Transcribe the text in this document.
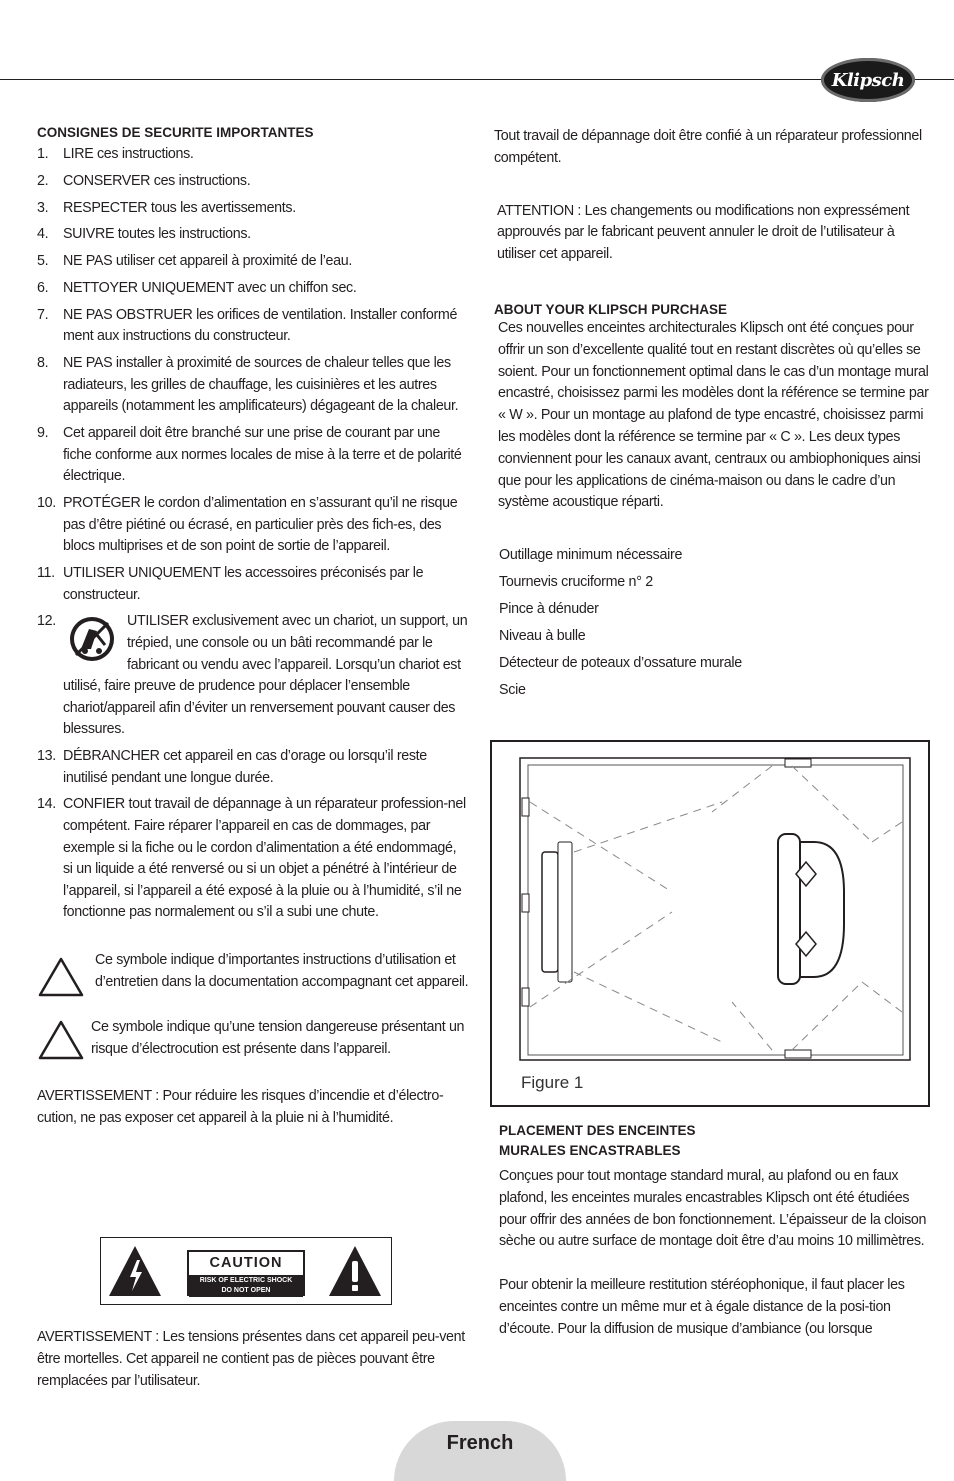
Klipsch
CONSIGNES DE SECURITE IMPORTANTES
1. LIRE ces instructions.
2. CONSERVER ces instructions.
3. RESPECTER tous les avertissements.
4. SUIVRE toutes les instructions.
5. NE PAS utiliser cet appareil à proximité de l’eau.
6. NETTOYER UNIQUEMENT avec un chiffon sec.
7. NE PAS OBSTRUER les orifices de ventilation. Installer conformé ment aux instructions du constructeur.
8. NE PAS installer à proximité de sources de chaleur telles que les radiateurs, les grilles de chauffage, les cuisinières et les autres appareils (notamment les amplificateurs) dégageant de la chaleur.
9. Cet appareil doit être branché sur une prise de courant par une fiche conforme aux normes locales de mise à la terre et de polarité électrique.
10. PROTÉGER le cordon d’alimentation en s’assurant qu’il ne risque pas d’être piétiné ou écrasé, en particulier près des fich-es, des blocs multiprises et de son point de sortie de l’appareil.
11. UTILISER UNIQUEMENT les accessoires préconisés par le constructeur.
12.	UTILISER exclusivement avec un chariot, un support, un trépied, une console ou un bâti recommandé par le fabricant ou vendu avec l’appareil. Lorsqu’un chariot est utilisé, faire preuve de prudence pour déplacer l’ensemble chariot/appareil afin d’éviter un renversement pouvant causer des blessures.
13. DÉBRANCHER cet appareil en cas d’orage ou lorsqu’il reste inutilisé pendant une longue durée.
14. CONFIER tout travail de dépannage à un réparateur profession-nel compétent. Faire réparer l’appareil en cas de dommages, par exemple si la fiche ou le cordon d’alimentation a été endommagé, si un liquide a été renversé ou si un objet a pénétré à l’intérieur de l’appareil, si l’appareil a été exposé à la pluie ou à l’humidité, s’il ne fonctionne pas normalement ou s’il a subi une chute.
Ce symbole indique d’importantes instructions d’utilisation et d’entretien dans la documentation accompagnant cet appareil.
Ce symbole indique qu’une tension dangereuse présentant un risque d’électrocution est présente dans l’appareil.

AVERTISSEMENT : Pour réduire les risques d’incendie et d’électro-cution, ne pas exposer cet appareil à la pluie ni à l’humidité.

CAUTION
RISK OF ELECTRIC SHOCK
DO NOT OPEN

AVERTISSEMENT : Les tensions présentes dans cet appareil peu-vent être mortelles. Cet appareil ne contient pas de pièces pouvant être remplacées par l’utilisateur.

Tout travail de dépannage doit être confié à un réparateur professionnel compétent.

ATTENTION : Les changements ou modifications non expressément approuvés par le fabricant peuvent annuler le droit de l’utilisateur à utiliser cet appareil.

ABOUT YOUR KLIPSCH PURCHASE

Ces nouvelles enceintes architecturales Klipsch ont été conçues pour offrir un son d’excellente qualité tout en restant discrètes où qu’elles se soient. Pour un fonctionnement optimal dans le cas d’un montage mural encastré, choisissez parmi les modèles dont la référence se termine par « W ». Pour un montage au plafond de type encastré, choisissez parmi les modèles dont la référence se termine par « C ». Les deux types conviennent pour les canaux avant, centraux ou ambiophoniques ainsi que pour les applications de cinéma-maison ou dans le cadre d’un système acoustique réparti.

Outillage minimum nécessaire

Tournevis cruciforme n° 2

Pince à dénuder

Niveau à bulle

Détecteur de poteaux d’ossature murale

Scie

Figure 1
PLACEMENT DES ENCEINTES
MURALES ENCASTRABLES

Conçues pour tout montage standard mural, au plafond ou en faux plafond, les enceintes murales encastrables Klipsch ont été étudiées pour offrir des années de bon fonctionnement. L’épaisseur de la cloison sèche ou autre surface de montage doit être d’au moins 10 millimètres.

Pour obtenir la meilleure restitution stéréophonique, il faut placer les enceintes contre un même mur et à égale distance de la posi-tion d’écoute. Pour la diffusion de musique d’ambiance (ou lorsque

French
